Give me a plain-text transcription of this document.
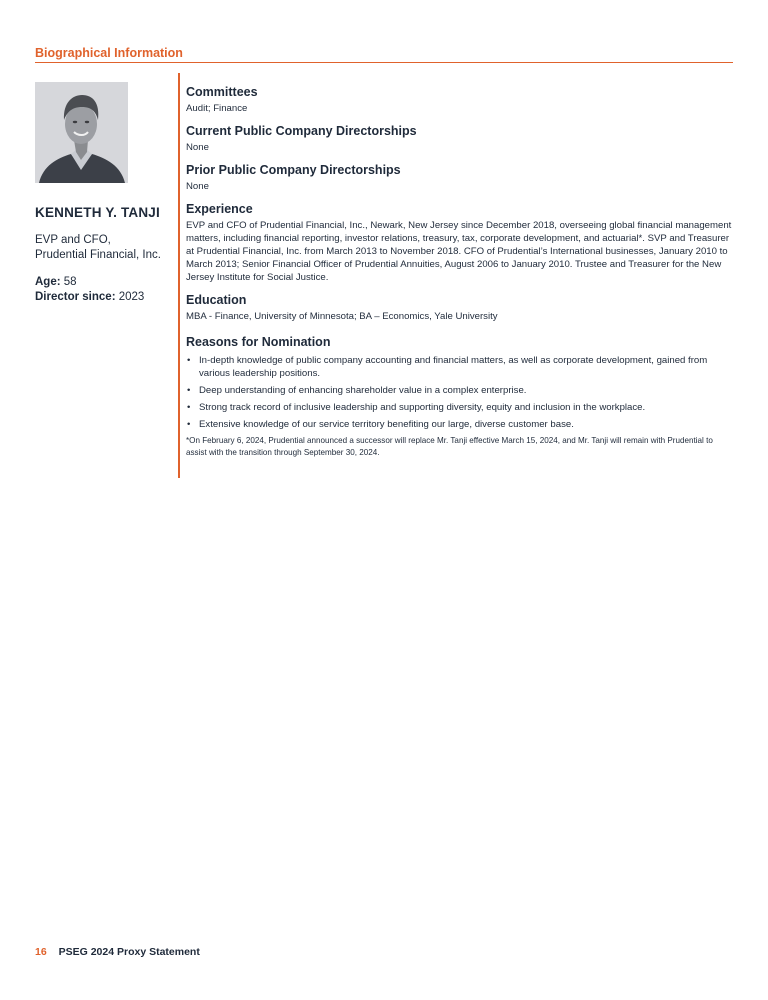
Biographical Information
KENNETH Y. TANJI
EVP and CFO,
Prudential Financial, Inc.
Age: 58
Director since: 2023
Committees
Audit; Finance
Current Public Company Directorships
None
Prior Public Company Directorships
None
Experience
EVP and CFO of Prudential Financial, Inc., Newark, New Jersey since December 2018, overseeing global financial management matters, including financial reporting, investor relations, treasury, tax, corporate development, and actuarial*. SVP and Treasurer at Prudential Financial, Inc. from March 2013 to November 2018. CFO of Prudential’s International businesses, January 2010 to March 2013; Senior Financial Officer of Prudential Annuities, August 2006 to January 2010. Trustee and Treasurer for the New Jersey Institute for Social Justice.
Education
MBA - Finance, University of Minnesota; BA – Economics, Yale University
Reasons for Nomination
• In-depth knowledge of public company accounting and financial matters, as well as corporate development, gained from various leadership positions.
• Deep understanding of enhancing shareholder value in a complex enterprise.
• Strong track record of inclusive leadership and supporting diversity, equity and inclusion in the workplace.
• Extensive knowledge of our service territory benefiting our large, diverse customer base.
*On February 6, 2024, Prudential announced a successor will replace Mr. Tanji effective March 15, 2024, and Mr. Tanji will remain with Prudential to assist with the transition through September 30, 2024.
16 PSEG 2024 Proxy Statement
